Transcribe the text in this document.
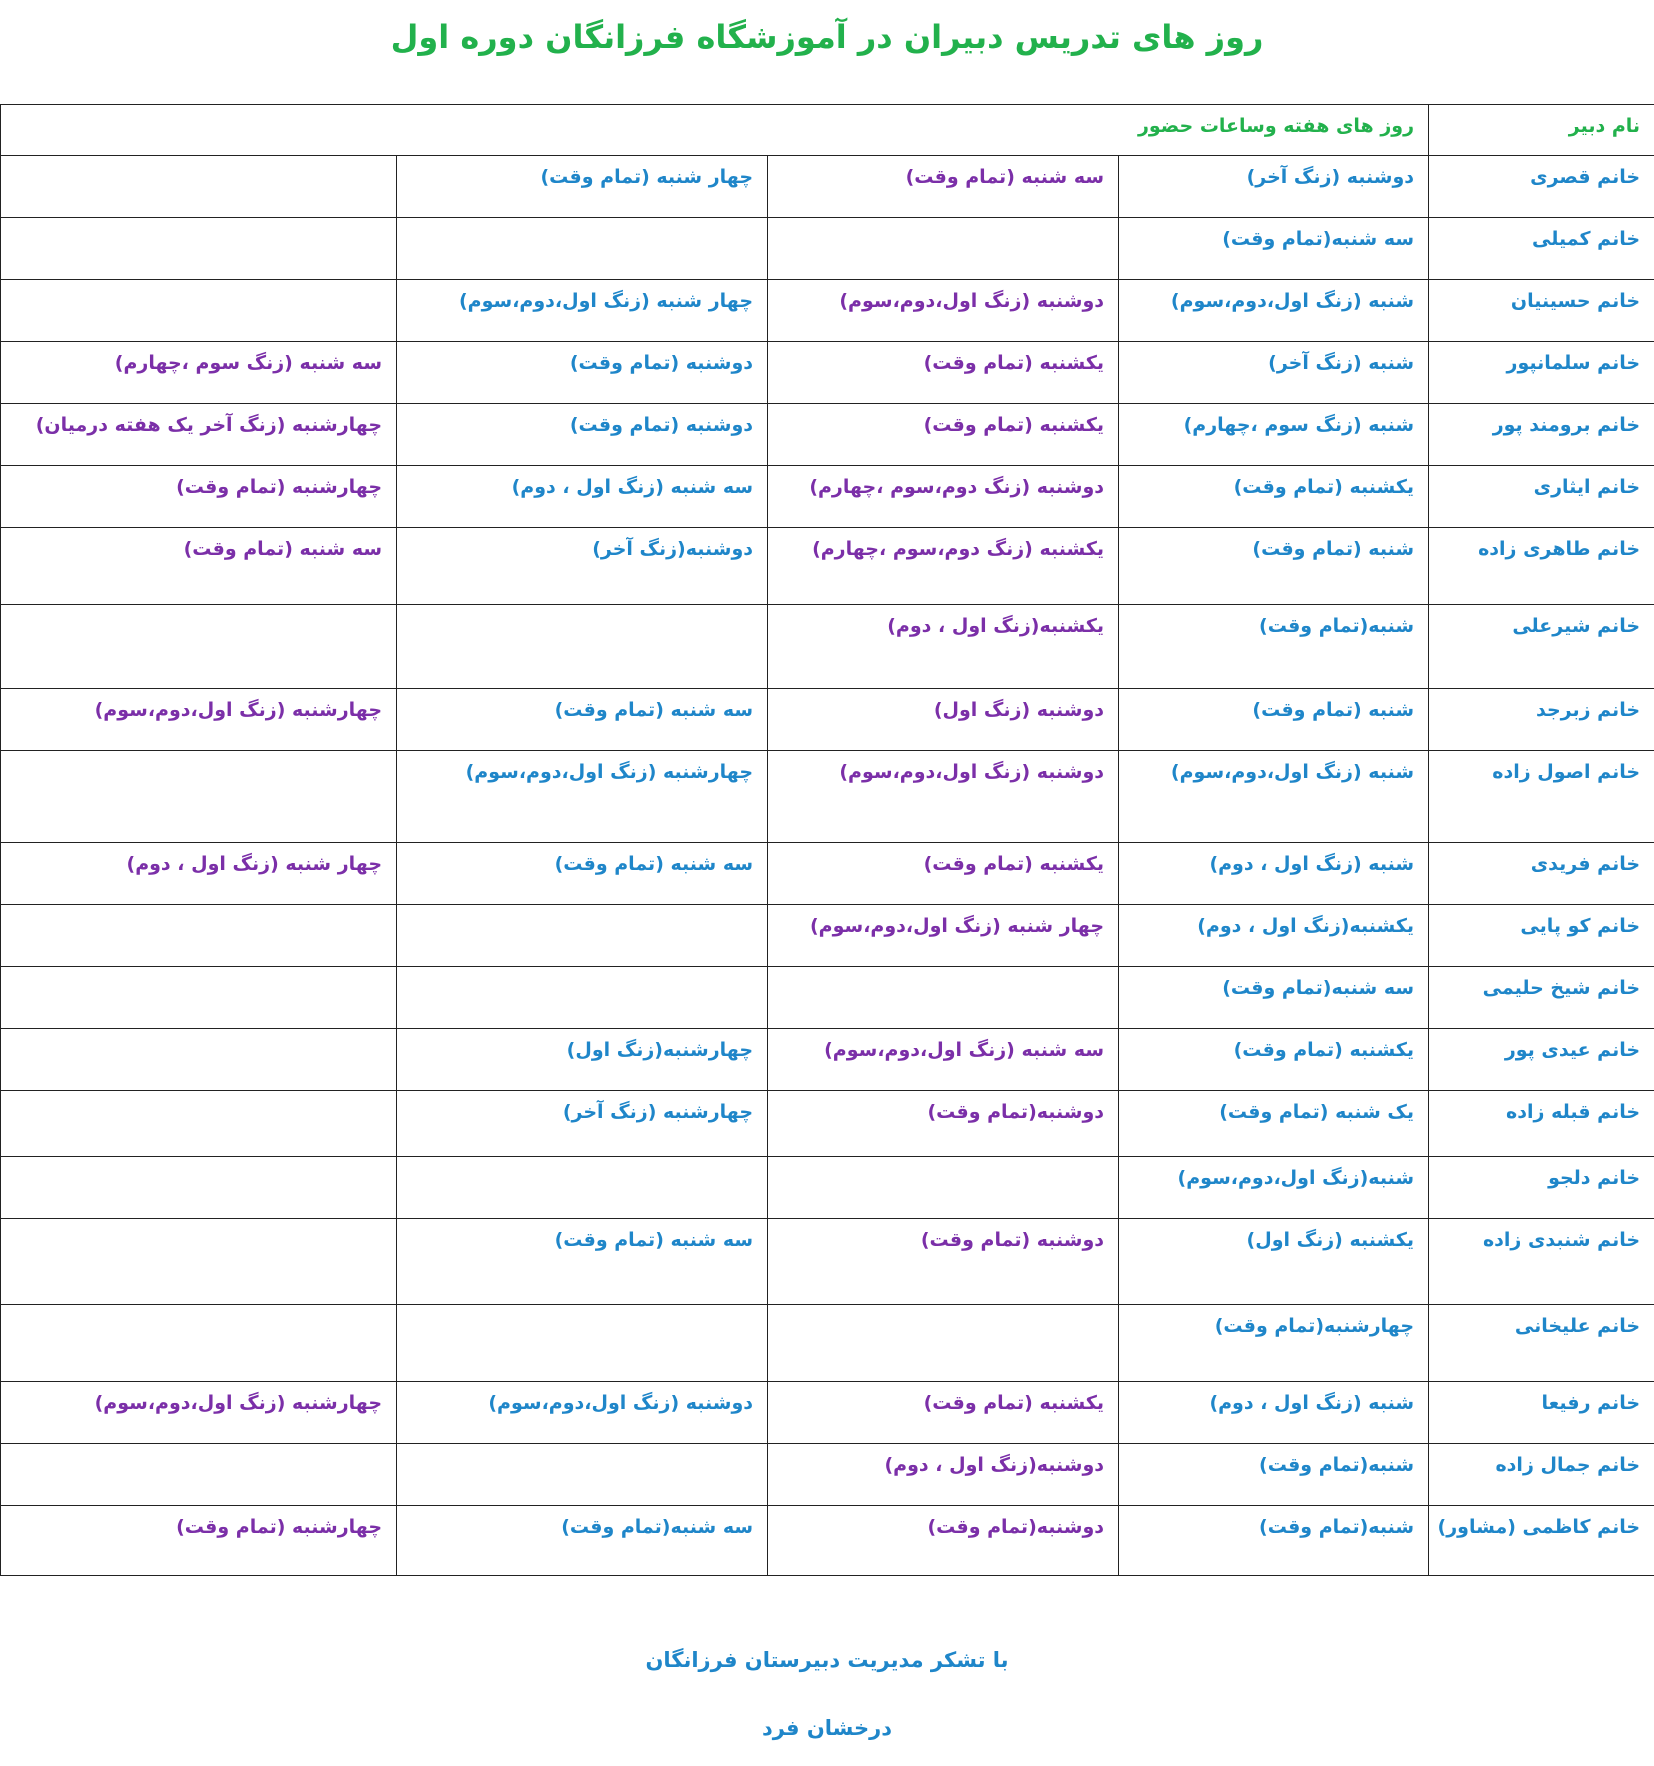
روز های تدریس دبیران در آموزشگاه فرزانگان دوره اول
نام دبیر	روز های هفته وساعات حضور			
خانم قصری	دوشنبه (زنگ آخر)	سه شنبه (تمام وقت)	چهار شنبه (تمام وقت)	
خانم کمیلی	سه شنبه(تمام وقت)			
خانم حسینیان	شنبه (زنگ اول،دوم،سوم)	دوشنبه (زنگ اول،دوم،سوم)	چهار شنبه (زنگ اول،دوم،سوم)	
خانم سلمانپور	شنبه (زنگ آخر)	یکشنبه (تمام وقت)	دوشنبه (تمام وقت)	سه شنبه (زنگ سوم ،چهارم)
خانم برومند پور	شنبه (زنگ سوم ،چهارم)	یکشنبه (تمام وقت)	دوشنبه (تمام وقت)	چهارشنبه (زنگ آخر یک هفته درمیان)
خانم ایثاری	یکشنبه (تمام وقت)	دوشنبه (زنگ دوم،سوم ،چهارم)	سه شنبه (زنگ اول ، دوم)	چهارشنبه (تمام وقت)
خانم طاهری زاده	شنبه (تمام وقت)	یکشنبه (زنگ دوم،سوم ،چهارم)	دوشنبه(زنگ آخر)	سه شنبه (تمام وقت)
خانم شیرعلی	شنبه(تمام وقت)	یکشنبه(زنگ اول ، دوم)		
خانم زبرجد	شنبه (تمام وقت)	دوشنبه (زنگ اول)	سه شنبه (تمام وقت)	چهارشنبه (زنگ اول،دوم،سوم)
خانم اصول زاده	شنبه (زنگ اول،دوم،سوم)	دوشنبه (زنگ اول،دوم،سوم)	چهارشنبه (زنگ اول،دوم،سوم)	
خانم فریدی	شنبه (زنگ اول ، دوم)	یکشنبه (تمام وقت)	سه شنبه (تمام وقت)	چهار شنبه (زنگ اول ، دوم)
خانم کو پایی	یکشنبه(زنگ اول ، دوم)	چهار شنبه (زنگ اول،دوم،سوم)		
خانم شیخ حلیمی	سه شنبه(تمام وقت)			
خانم عیدی پور	یکشنبه (تمام وقت)	سه شنبه (زنگ اول،دوم،سوم)	چهارشنبه(زنگ اول)	
خانم قبله زاده	یک شنبه (تمام وقت)	دوشنبه(تمام وقت)	چهارشنبه (زنگ آخر)	
خانم دلجو	شنبه(زنگ اول،دوم،سوم)			
خانم شنبدی زاده	یکشنبه (زنگ اول)	دوشنبه (تمام وقت)	سه شنبه (تمام وقت)	
خانم علیخانی	چهارشنبه(تمام وقت)			
خانم رفیعا	شنبه (زنگ اول ، دوم)	یکشنبه (تمام وقت)	دوشنبه (زنگ اول،دوم،سوم)	چهارشنبه (زنگ اول،دوم،سوم)
خانم جمال زاده	شنبه(تمام وقت)	دوشنبه(زنگ اول ، دوم)		
خانم کاظمی (مشاور)	شنبه(تمام وقت)	دوشنبه(تمام وقت)	سه شنبه(تمام وقت)	چهارشنبه (تمام وقت)
با تشکر مدیریت دبیرستان فرزانگان
درخشان فرد
